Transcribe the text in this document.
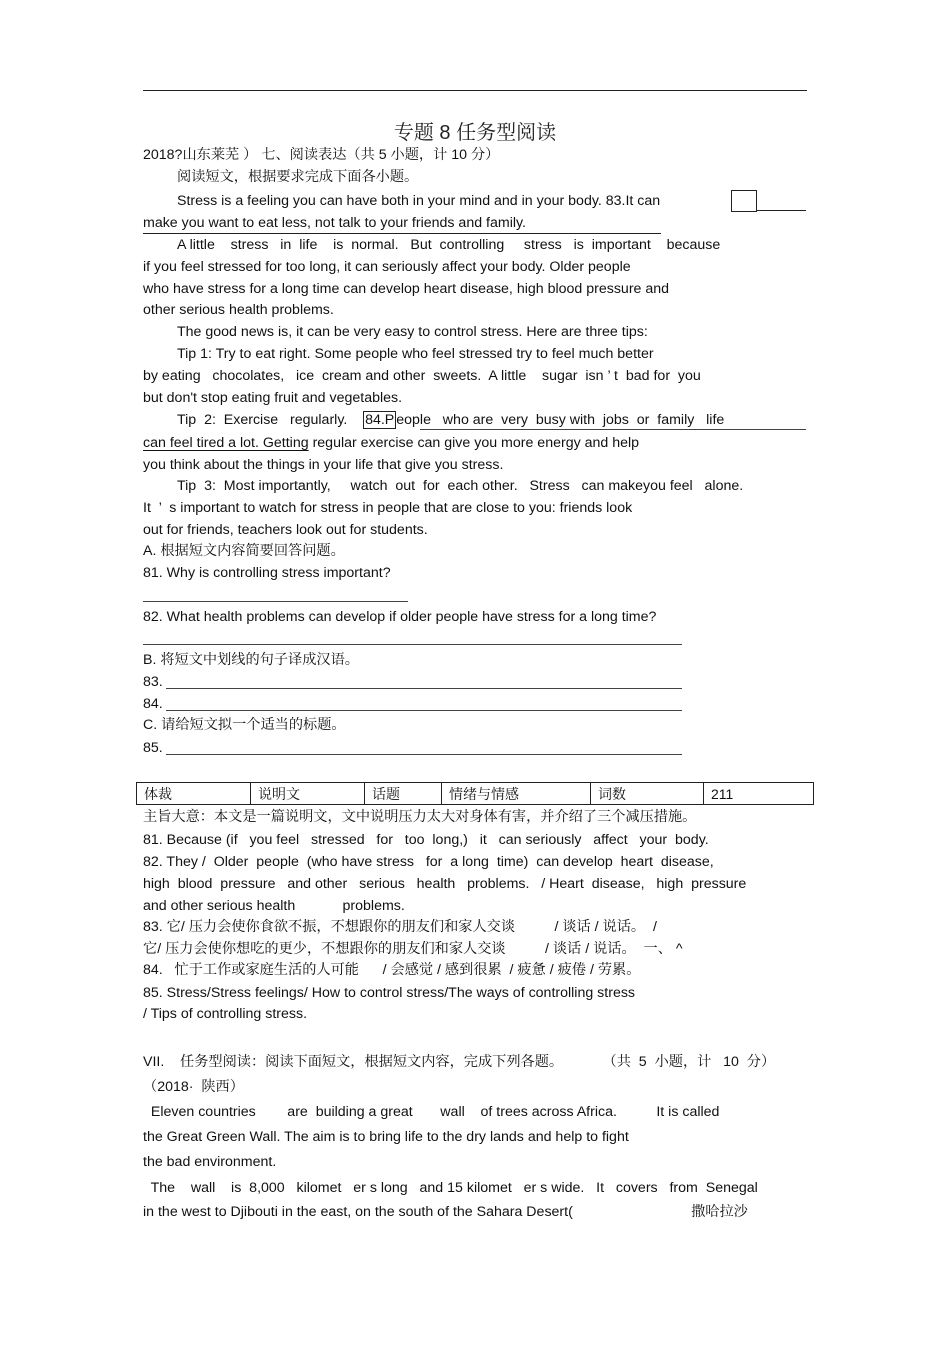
专题 8 任务型阅读
2018?山东莱芜 ） 七、阅读表达（共 5 小题，计 10 分）
阅读短文，根据要求完成下面各小题。
Stress is a feeling you can have both in your mind and in your body. 83.It can
make you want to eat less, not talk to your friends and family.
A little    stress   in  life    is  normal.   But  controlling     stress   is  important    because
if you feel stressed for too long, it can seriously affect your body. Older people
who have stress for a long time can develop heart disease, high blood pressure and
other serious health problems.
The good news is, it can be very easy to control stress. Here are three tips:
Tip 1: Try to eat right. Some people who feel stressed try to feel much better
by eating   chocolates,   ice  cream and other  sweets.  A little    sugar  isn ’ t  bad for  you
but don't stop eating fruit and vegetables.
Tip  2:  Exercise   regularly.    84.P eople   who are  very  busy with  jobs  or  family   life
can feel tired a lot. Getting regular exercise can give you more energy and help
you think about the things in your life that give you stress.
Tip  3:  Most importantly,     watch  out  for  each other.   Stress   can makeyou feel   alone.
It  ’  s important to watch for stress in people that are close to you: friends look
out for friends, teachers look out for students.
A. 根据短文内容简要回答问题。
81. Why is controlling stress important?
82. What health problems can develop if older people have stress for a long time?
B. 将短文中划线的句子译成汉语。
83.
84.
C. 请给短文拟一个适当的标题。
85.
体裁	说明文	话题	情绪与情感	词数	211
主旨大意：本文是一篇说明文，文中说明压力太大对身体有害，并介绍了三个减压措施。
81. Because (if   you feel   stressed   for   too  long,)   it   can seriously   affect   your  body.
82. They /  Older  people  (who have stress   for  a long  time)  can develop  heart  disease,
high  blood  pressure   and other   serious   health   problems.   / Heart  disease,   high  pressure
and other serious health            problems.
83. 它/ 压力会使你食欲不振，不想跟你的朋友们和家人交谈          / 谈话 / 说话。  /
它/ 压力会使你想吃的更少，不想跟你的朋友们和家人交谈          / 谈话 / 说话。  一、 ^
84.   忙于工作或家庭生活的人可能      / 会感觉 / 感到很累  / 疲惫 / 疲倦 / 劳累。
85. Stress/Stress feelings/ How to control stress/The ways of controlling stress
/ Tips of controlling stress.
VII.    任务型阅读：阅读下面短文，根据短文内容，完成下列各题。          （共  5  小题，计   10  分）
（2018·  陕西）
Eleven countries        are  building a great       wall    of trees across Africa.          It is called
the Great Green Wall. The aim is to bring life to the dry lands and help to fight
the bad environment.
The    wall    is  8,000   kilomet   er s long   and 15 kilomet   er s wide.   It   covers   from  Senegal
in the west to Djibouti in the east, on the south of the Sahara Desert(                              撒哈拉沙
